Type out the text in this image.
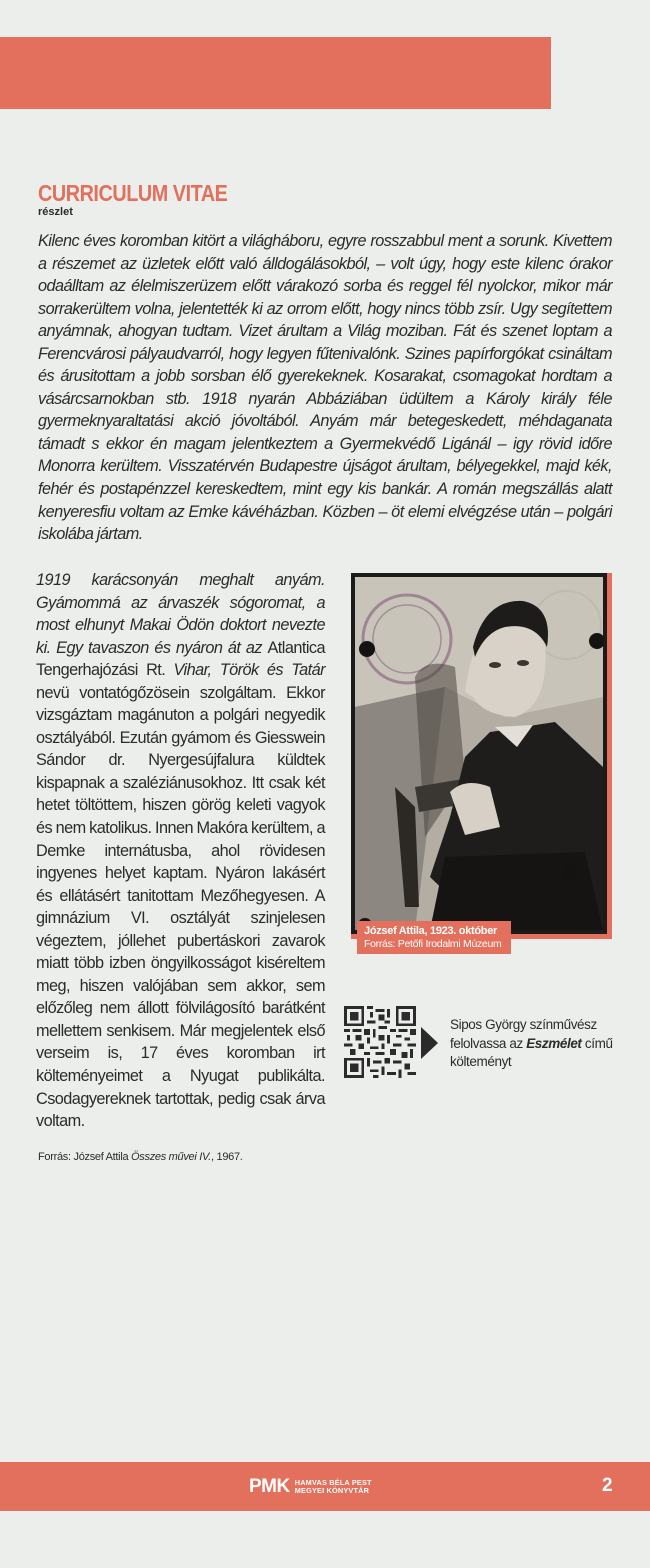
CURRICULUM VITAE
részlet

Kilenc éves koromban kitört a világháboru, egyre rosszabbul ment a sorunk. Kivettem a részemet az üzletek előtt való álldogálásokból, – volt úgy, hogy este kilenc órakor odaálltam az élelmiszerüzem előtt várakozó sorba és reggel fél nyolckor, mikor már sorrakerültem volna, jelentették ki az orrom előtt, hogy nincs több zsír. Ugy segítettem anyámnak, ahogyan tudtam. Vizet árultam a Világ moziban. Fát és szenet loptam a Ferencvárosi pályaudvarról, hogy legyen fűtenivalónk. Szines papírforgókat csináltam és árusitottam a jobb sorsban élő gyerekeknek. Kosarakat, csomagokat hordtam a vásárcsarnokban stb. 1918 nyarán Abbáziában üdültem a Károly király féle gyermeknyaraltatási akció jóvoltából. Anyám már betegeskedett, méhdaganata támadt s ekkor én magam jelentkeztem a Gyermekvédő Ligánál – igy rövid időre Monorra kerültem. Visszatérvén Budapestre újságot árultam, bélyegekkel, majd kék, fehér és postapénzzel kereskedtem, mint egy kis bankár. A román megszállás alatt kenyeresfiu voltam az Emke kávéházban. Közben – öt elemi elvégzése után – polgári iskolába jártam.

1919 karácsonyán meghalt anyám. Gyámommá az árvaszék sógoromat, a most elhunyt Makai Ödön doktort nevezte ki. Egy tavaszon és nyáron át az Atlantica Tengerhajózási Rt. Vihar, Török és Tatár nevü vontatógőzösein szolgáltam. Ekkor vizsgáztam magánuton a polgári negyedik osztályából. Ezután gyámom és Giesswein Sándor dr. Nyergesújfalura küldtek kispapnak a szaléziánusokhoz. Itt csak két hetet töltöttem, hiszen görög keleti vagyok és nem katolikus. Innen Makóra kerültem, a Demke internátusba, ahol rövidesen ingyenes helyet kaptam. Nyáron lakásért és ellátásért tanitottam Mezőhegyesen. A gimnázium VI. osztályát szinjelesen végeztem, jóllehet pubertáskori zavarok miatt több izben öngyilkosságot kiséreltem meg, hiszen valójában sem akkor, sem előzőleg nem állott fölvilágosító barátként mellettem senkisem. Már megjelentek első verseim is, 17 éves koromban irt költeményeimet a Nyugat publikálta. Csodagyereknek tartottak, pedig csak árva voltam.

Forrás: József Attila Összes művei IV., 1967.
József Attila, 1923. október
Forrás: Petőfi Irodalmi Múzeum

Sipos György színművész felolvassa az Eszmélet című költeményt

PMK HAMVAS BÉLA PEST
MEGYEI KÖNYVTÁR	2
